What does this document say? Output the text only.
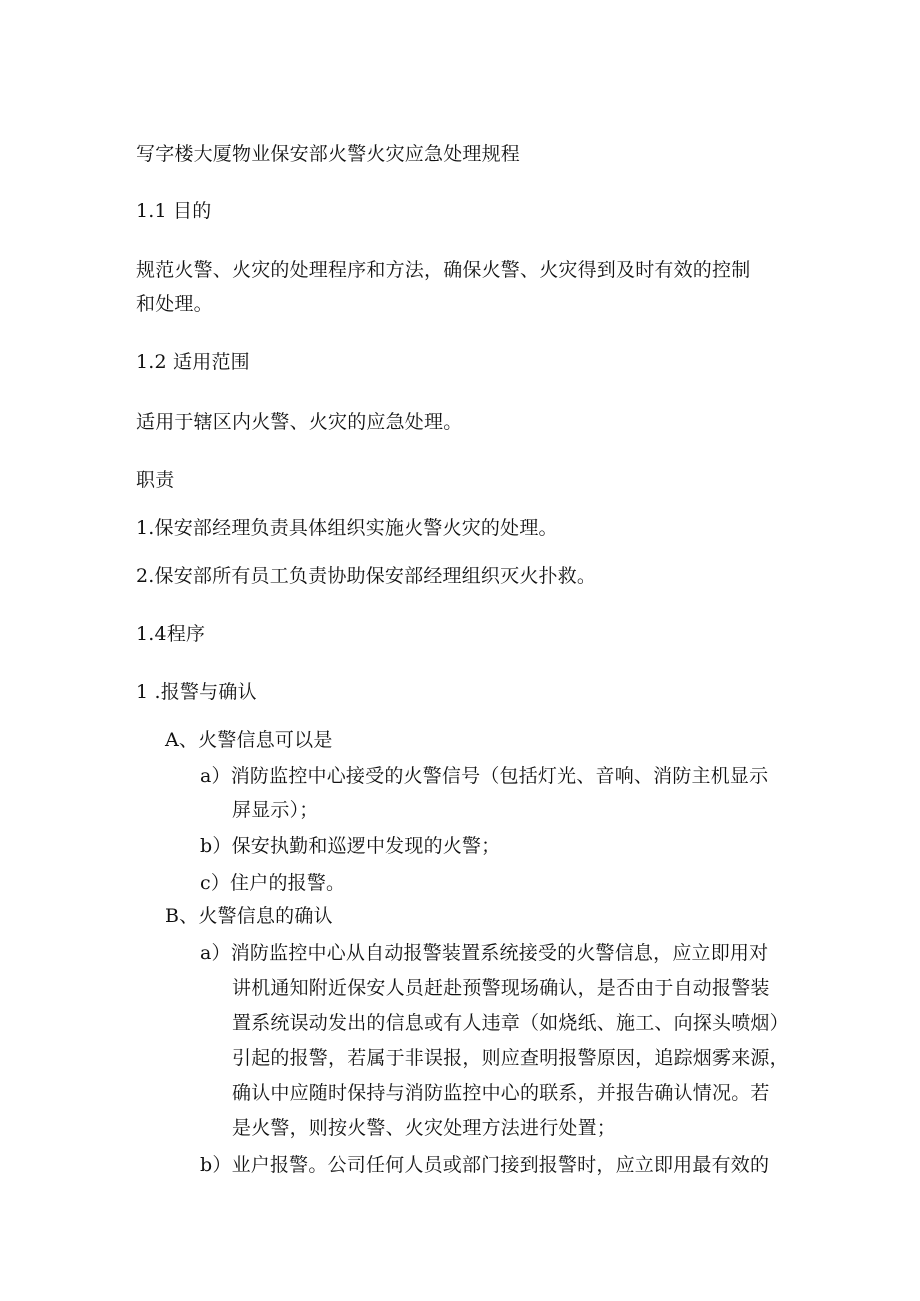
写字楼大厦物业保安部火警火灾应急处理规程
1.1 目的
规范火警、火灾的处理程序和方法，确保火警、火灾得到及时有效的控制
和处理。
1.2 适用范围
适用于辖区内火警、火灾的应急处理。
职责
1.保安部经理负责具体组织实施火警火灾的处理。
2.保安部所有员工负责协助保安部经理组织灭火扑救。
1.4程序
1 .报警与确认
A、火警信息可以是
a）消防监控中心接受的火警信号（包括灯光、音响、消防主机显示
屏显示）；
b）保安执勤和巡逻中发现的火警；
c）住户的报警。
B、火警信息的确认
a）消防监控中心从自动报警装置系统接受的火警信息，应立即用对
讲机通知附近保安人员赶赴预警现场确认，是否由于自动报警装
置系统误动发出的信息或有人违章（如烧纸、施工、向探头喷烟）
引起的报警，若属于非误报，则应查明报警原因，追踪烟雾来源，
确认中应随时保持与消防监控中心的联系，并报告确认情况。若
是火警，则按火警、火灾处理方法进行处置；
b）业户报警。公司任何人员或部门接到报警时，应立即用最有效的
